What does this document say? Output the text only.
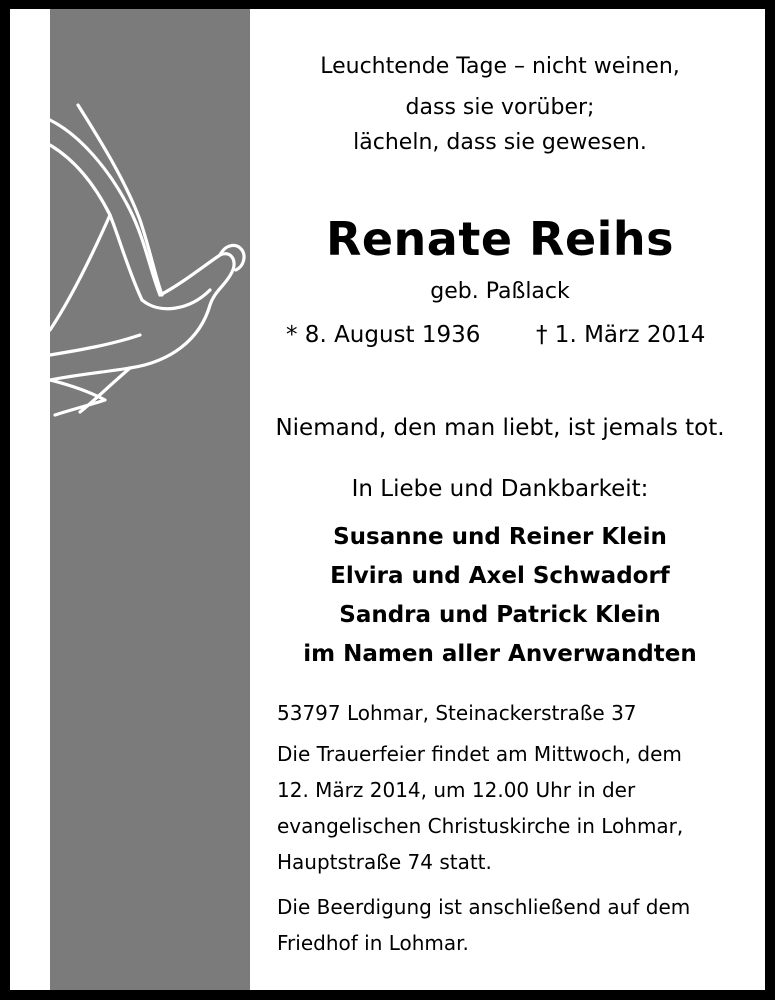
Leuchtende Tage – nicht weinen,
dass sie vorüber;
lächeln, dass sie gewesen.
Renate Reihs
geb. Paßlack
* 8. August 1936 † 1. März 2014
Niemand, den man liebt, ist jemals tot.
In Liebe und Dankbarkeit:
Susanne und Reiner Klein
Elvira und Axel Schwadorf
Sandra und Patrick Klein
im Namen aller Anverwandten
53797 Lohmar, Steinackerstraße 37
Die Trauerfeier findet am Mittwoch, dem
12. März 2014, um 12.00 Uhr in der
evangelischen Christuskirche in Lohmar,
Hauptstraße 74 statt.
Die Beerdigung ist anschließend auf dem
Friedhof in Lohmar.
